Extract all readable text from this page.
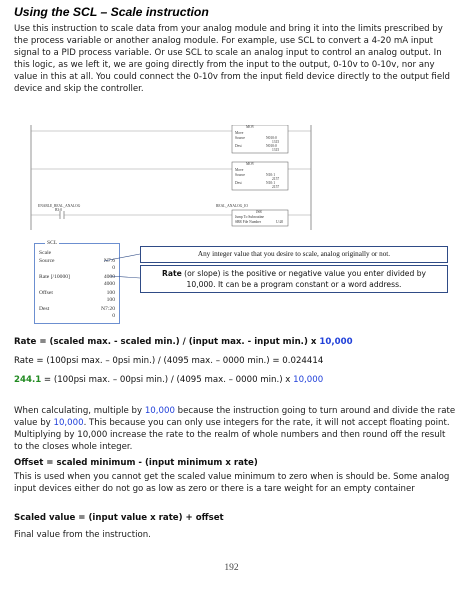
Using the SCL – Scale instruction

Use this instruction to scale data from your analog module and bring it into the limits prescribed by the process variable or another analog module. For example, use SCL to convert a 4-20 mA input signal to a PID process variable. Or use SCL to scale an analog input to control an analog output. In this logic, as we left it, we are going directly from the input to the output, 0-10v to 0-10v, nor any value in this at all. You could connect the 0-10v from the input field device directly to the output field device and skip the controller.

MOV
Move
Source	N010:0
1315
Dest	N010:0
1315
MOV
Move
Source	N10:1
2157
Dest	N10:1
2157
ENABLE_REAL_ANALOG
B3:0
REAL_ANALOG_IO
JSR
Jump To Subroutine
SBR File Number	U:20
SCL
Scale
Source	N7:6
0
Rate [/10000]	4000
4000
Offset	100
100
Dest	N7:20
0
Any integer value that you desire to scale, analog originally or not.
Rate (or slope) is the positive or negative value you enter divided by 10,000. It can be a program constant or a word address.
Rate = (scaled max. - scaled min.) / (input max. - input min.) x 10,000
Rate = (100psi max. – 0psi min.) / (4095 max. – 0000 min.) = 0.024414
244.1 = (100psi max. – 00psi min.) / (4095 max. – 0000 min.) x 10,000

When calculating, multiple by 10,000 because the instruction going to turn around and divide the rate value by 10,000. This because you can only use integers for the rate, it will not accept floating point. Multiplying by 10,000 increase the rate to the realm of whole numbers and then round off the result to the closes whole integer.

Offset = scaled minimum - (input minimum x rate)

This is used when you cannot get the scaled value minimum to zero when is should be. Some analog input devices either do not go as low as zero or there is a tare weight for an empty container

Scaled value = (input value x rate) + offset

Final value from the instruction.

192
